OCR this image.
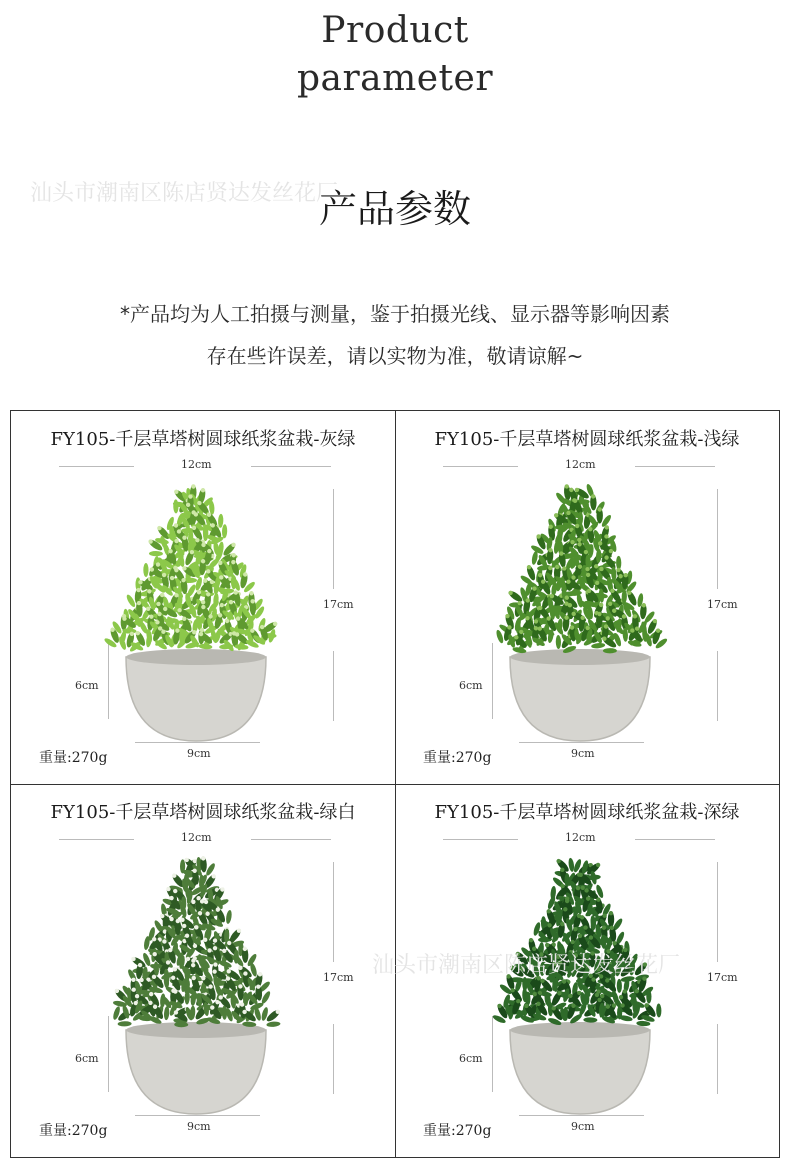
Product
parameter
汕头市潮南区陈店贤达发丝花厂
产品参数
*产品均为人工拍摄与测量，鉴于拍摄光线、显示器等影响因素
存在些许误差，请以实物为准，敬请谅解~
FY105-千层草塔树圆球纸浆盆栽-灰绿
12cm
17cm
6cm
9cm
重量:270g
FY105-千层草塔树圆球纸浆盆栽-浅绿
12cm
17cm
6cm
9cm
重量:270g
FY105-千层草塔树圆球纸浆盆栽-绿白
12cm
17cm
6cm
9cm
重量:270g
FY105-千层草塔树圆球纸浆盆栽-深绿
12cm
17cm
6cm
9cm
重量:270g
汕头市潮南区陈店贤达发丝花厂
